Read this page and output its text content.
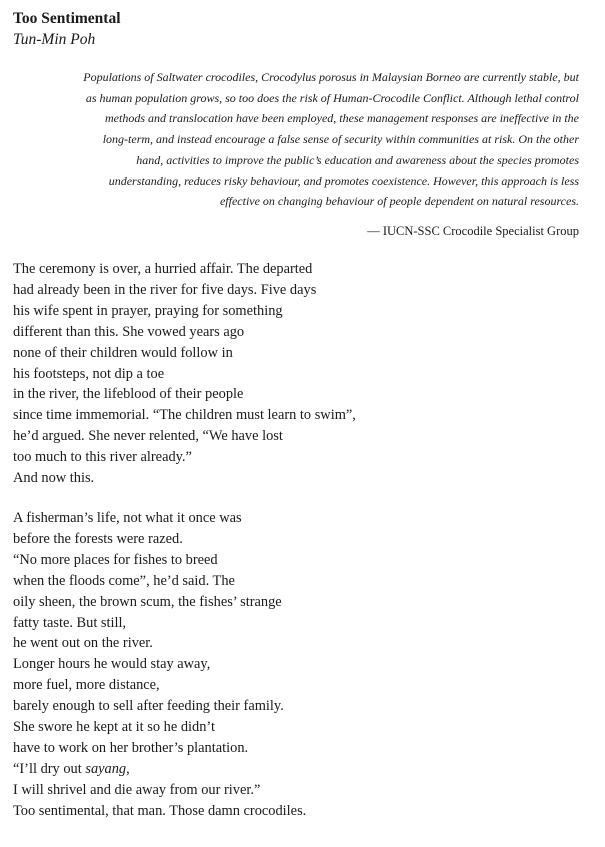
Too Sentimental
Tun-Min Poh
Populations of Saltwater crocodiles, Crocodylus porosus in Malaysian Borneo are currently stable, but
as human population grows, so too does the risk of Human-Crocodile Conflict. Although lethal control
methods and translocation have been employed, these management responses are ineffective in the
long-term, and instead encourage a false sense of security within communities at risk. On the other
hand, activities to improve the public’s education and awareness about the species promotes
understanding, reduces risky behaviour, and promotes coexistence. However, this approach is less
effective on changing behaviour of people dependent on natural resources.
— IUCN-SSC Crocodile Specialist Group
The ceremony is over, a hurried affair. The departed
had already been in the river for five days. Five days
his wife spent in prayer, praying for something
different than this. She vowed years ago
none of their children would follow in
his footsteps, not dip a toe
in the river, the lifeblood of their people
since time immemorial. “The children must learn to swim”,
he’d argued. She never relented, “We have lost
too much to this river already.”
And now this.
A fisherman’s life, not what it once was
before the forests were razed.
“No more places for fishes to breed
when the floods come”, he’d said. The
oily sheen, the brown scum, the fishes’ strange
fatty taste. But still,
he went out on the river.
Longer hours he would stay away,
more fuel, more distance,
barely enough to sell after feeding their family.
She swore he kept at it so he didn’t
have to work on her brother’s plantation.
“I’ll dry out sayang,
I will shrivel and die away from our river.”
Too sentimental, that man. Those damn crocodiles.
